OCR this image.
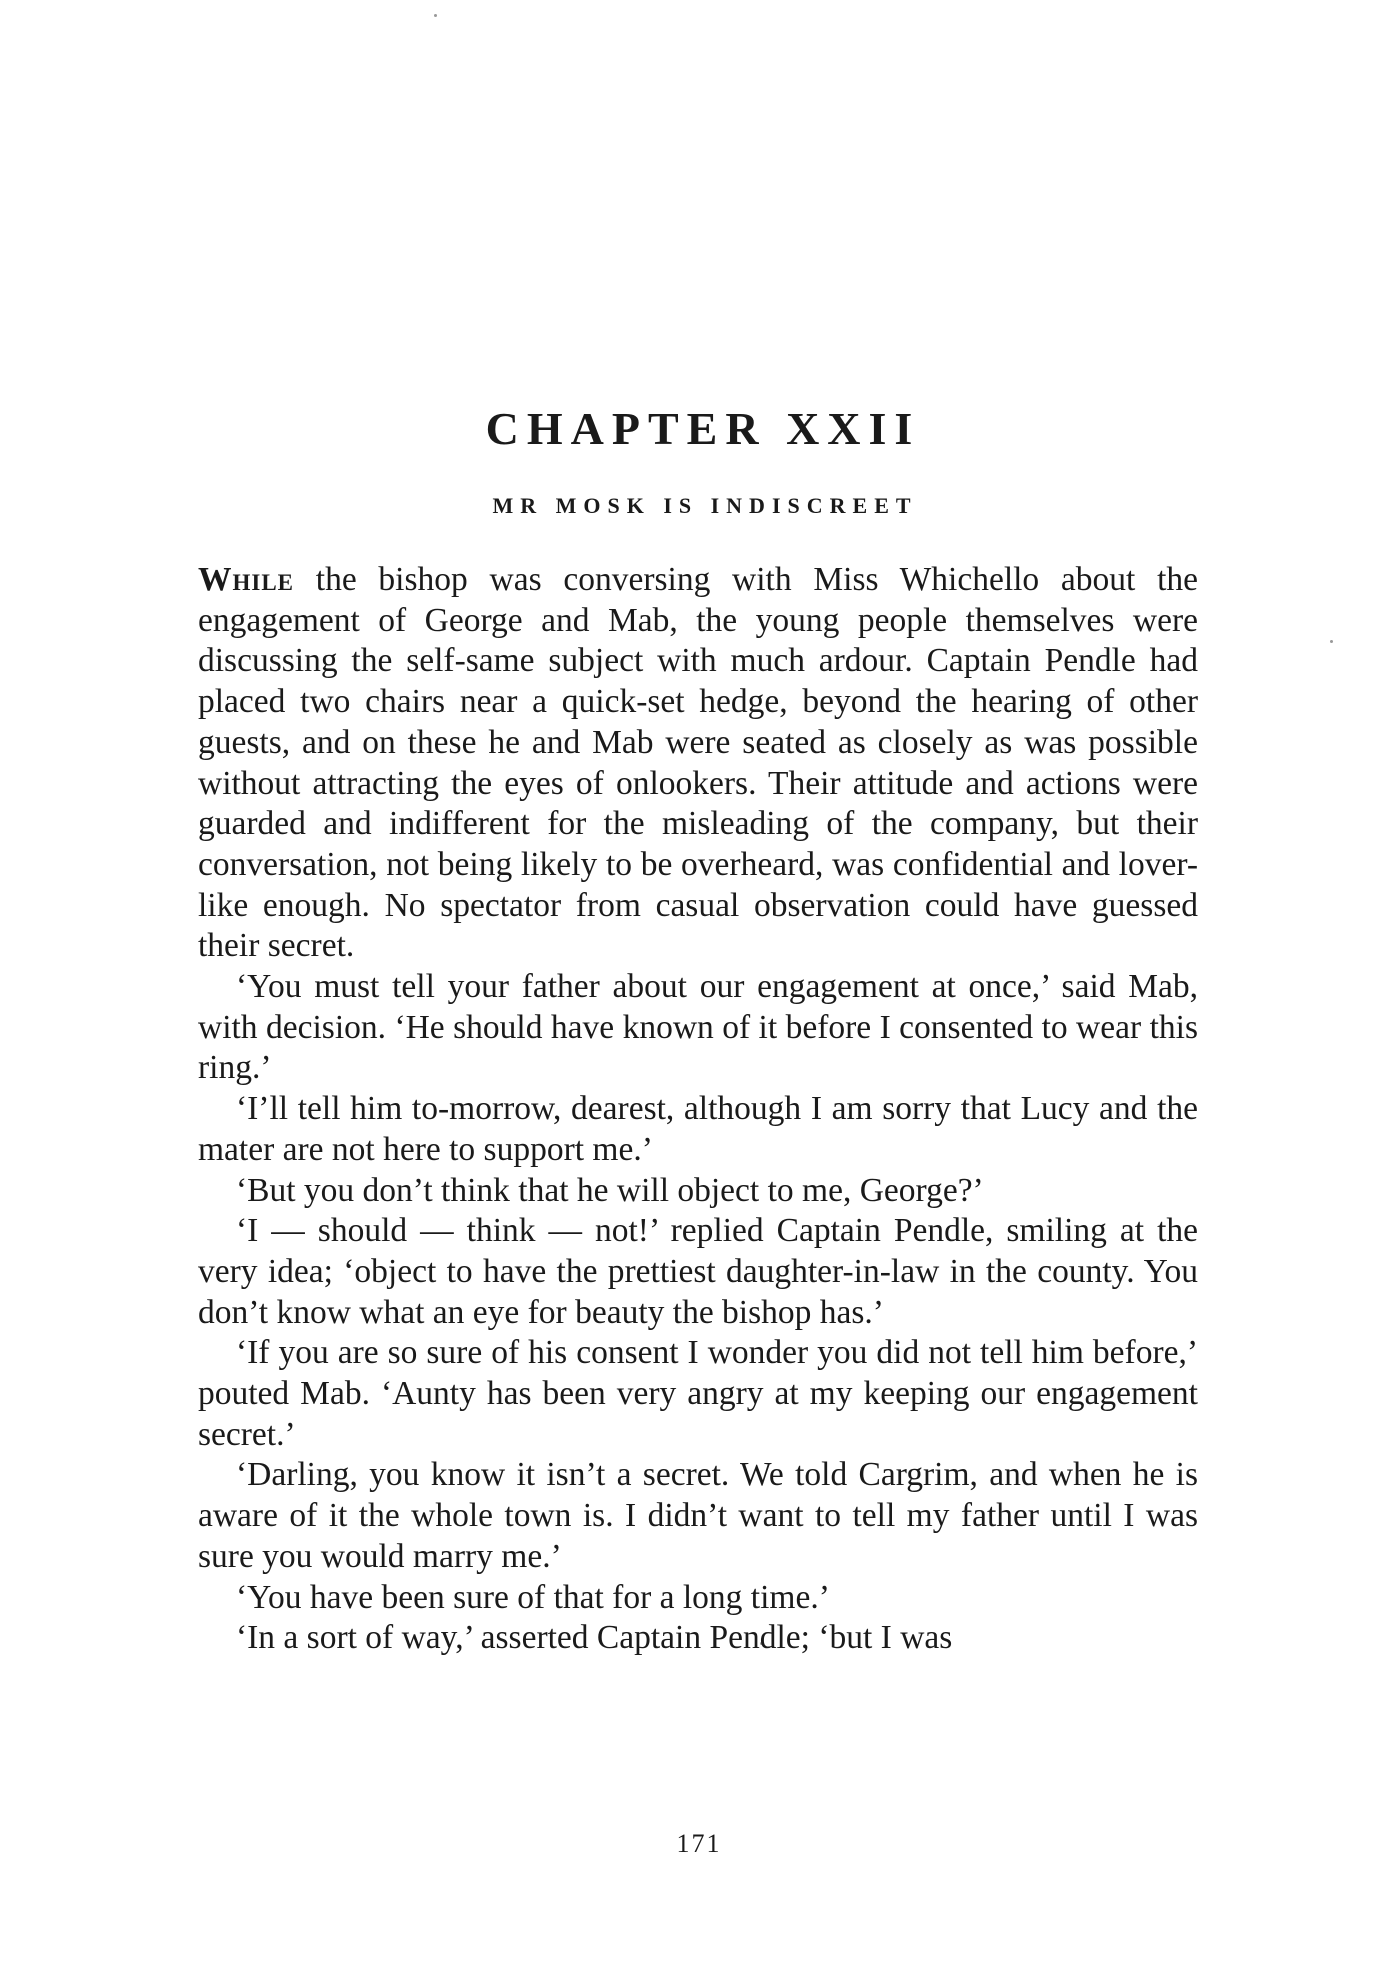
CHAPTER XXII
MR MOSK IS INDISCREET

While the bishop was conversing with Miss Whichello about the engagement of George and Mab, the young people themselves were discussing the self-same subject with much ardour. Captain Pendle had placed two chairs near a quick-set hedge, beyond the hearing of other guests, and on these he and Mab were seated as closely as was possible without attracting the eyes of onlookers. Their attitude and actions were guarded and indifferent for the misleading of the company, but their conversation, not being likely to be overheard, was confidential and lover-like enough. No spectator from casual observation could have guessed their secret.

‘You must tell your father about our engagement at once,’ said Mab, with decision. ‘He should have known of it before I consented to wear this ring.’

‘I’ll tell him to-morrow, dearest, although I am sorry that Lucy and the mater are not here to support me.’

‘But you don’t think that he will object to me, George?’

‘I — should — think — not!’ replied Captain Pendle, smiling at the very idea; ‘object to have the prettiest daughter-in-law in the county. You don’t know what an eye for beauty the bishop has.’

‘If you are so sure of his consent I wonder you did not tell him before,’ pouted Mab. ‘Aunty has been very angry at my keeping our engagement secret.’

‘Darling, you know it isn’t a secret. We told Cargrim, and when he is aware of it the whole town is. I didn’t want to tell my father until I was sure you would marry me.’

‘You have been sure of that for a long time.’

‘In a sort of way,’ asserted Captain Pendle; ‘but I was

171
